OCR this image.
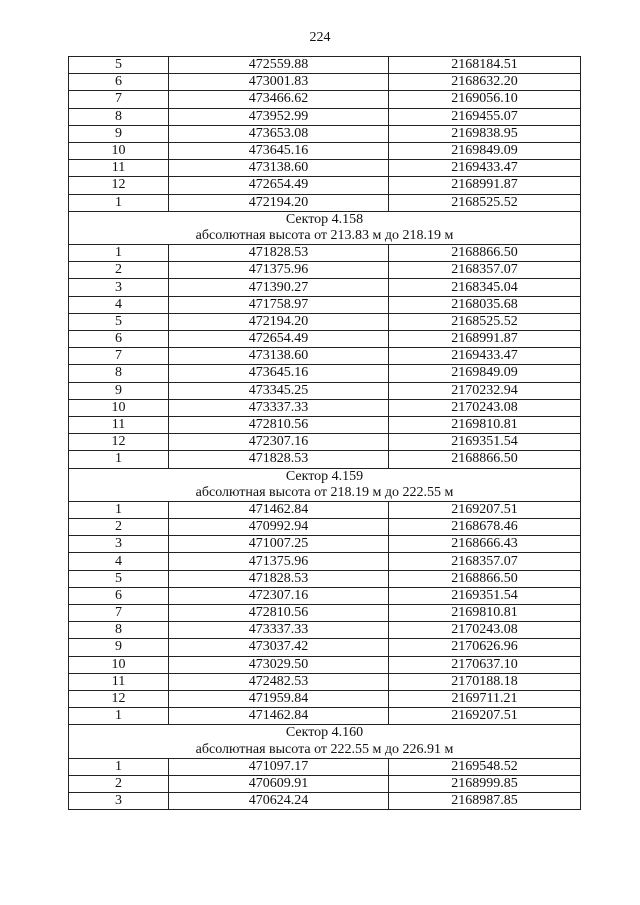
224
5	472559.88	2168184.51
6	473001.83	2168632.20
7	473466.62	2169056.10
8	473952.99	2169455.07
9	473653.08	2169838.95
10	473645.16	2169849.09
11	473138.60	2169433.47
12	472654.49	2168991.87
1	472194.20	2168525.52
Сектор 4.158		
абсолютная высота от 213.83 м до 218.19 м		
1	471828.53	2168866.50
2	471375.96	2168357.07
3	471390.27	2168345.04
4	471758.97	2168035.68
5	472194.20	2168525.52
6	472654.49	2168991.87
7	473138.60	2169433.47
8	473645.16	2169849.09
9	473345.25	2170232.94
10	473337.33	2170243.08
11	472810.56	2169810.81
12	472307.16	2169351.54
1	471828.53	2168866.50
Сектор 4.159		
абсолютная высота от 218.19 м до 222.55 м		
1	471462.84	2169207.51
2	470992.94	2168678.46
3	471007.25	2168666.43
4	471375.96	2168357.07
5	471828.53	2168866.50
6	472307.16	2169351.54
7	472810.56	2169810.81
8	473337.33	2170243.08
9	473037.42	2170626.96
10	473029.50	2170637.10
11	472482.53	2170188.18
12	471959.84	2169711.21
1	471462.84	2169207.51
Сектор 4.160		
абсолютная высота от 222.55 м до 226.91 м		
1	471097.17	2169548.52
2	470609.91	2168999.85
3	470624.24	2168987.85
